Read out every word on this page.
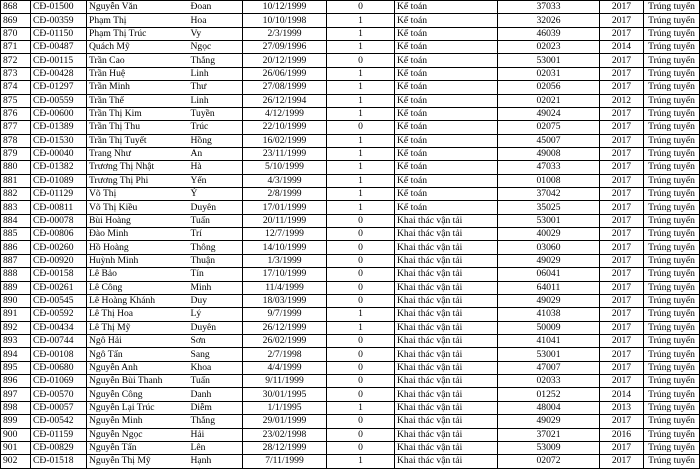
868	CĐ-01500	Nguyễn Văn	Đoan	10/12/1999	0	Kế toán	37033	2017	Trúng tuyển
869	CĐ-00359	Phạm Thị	Hoa	10/10/1998	1	Kế toán	32026	2017	Trúng tuyển
870	CĐ-01150	Phạm Thị Trúc	Vy	2/3/1999	1	Kế toán	46039	2017	Trúng tuyển
871	CĐ-00487	Quách Mỹ	Ngọc	27/09/1996	1	Kế toán	02023	2014	Trúng tuyển
872	CĐ-00115	Trần Cao	Thắng	20/12/1999	0	Kế toán	53001	2017	Trúng tuyển
873	CĐ-00428	Trần Huệ	Linh	26/06/1999	1	Kế toán	02031	2017	Trúng tuyển
874	CĐ-01297	Trần Minh	Thư	27/08/1999	1	Kế toán	02056	2017	Trúng tuyển
875	CĐ-00559	Trần Thế	Linh	26/12/1994	1	Kế toán	02021	2012	Trúng tuyển
876	CĐ-00600	Trần Thị Kim	Tuyền	4/12/1999	1	Kế toán	49024	2017	Trúng tuyển
877	CĐ-01389	Trần Thị Thu	Trúc	22/10/1999	0	Kế toán	02075	2017	Trúng tuyển
878	CĐ-01530	Trần Thị Tuyết	Hồng	16/02/1999	1	Kế toán	45007	2017	Trúng tuyển
879	CĐ-00040	Trang Như	An	23/11/1999	1	Kế toán	49008	2017	Trúng tuyển
880	CĐ-01382	Trương Thị Nhật	Hà	5/10/1999	1	Kế toán	47033	2017	Trúng tuyển
881	CĐ-01089	Trương Thị Phi	Yến	4/3/1999	1	Kế toán	01008	2017	Trúng tuyển
882	CĐ-01129	Võ Thị	Ý	2/8/1999	1	Kế toán	37042	2017	Trúng tuyển
883	CĐ-00811	Võ Thị Kiều	Duyên	17/01/1999	1	Kế toán	35025	2017	Trúng tuyển
884	CĐ-00078	Bùi Hoàng	Tuấn	20/11/1999	0	Khai thác vận tải	53001	2017	Trúng tuyển
885	CĐ-00806	Đào Minh	Trí	12/7/1999	0	Khai thác vận tải	40029	2017	Trúng tuyển
886	CĐ-00260	Hồ Hoàng	Thông	14/10/1999	0	Khai thác vận tải	03060	2017	Trúng tuyển
887	CĐ-00920	Huỳnh Minh	Thuận	1/3/1999	0	Khai thác vận tải	49029	2017	Trúng tuyển
888	CĐ-00158	Lê Bảo	Tín	17/10/1999	0	Khai thác vận tải	06041	2017	Trúng tuyển
889	CĐ-00261	Lê Công	Minh	11/4/1999	0	Khai thác vận tải	64011	2017	Trúng tuyển
890	CĐ-00545	Lê Hoàng Khánh	Duy	18/03/1999	0	Khai thác vận tải	49029	2017	Trúng tuyển
891	CĐ-00592	Lê Thị Hoa	Lý	9/7/1999	1	Khai thác vận tải	41038	2017	Trúng tuyển
892	CĐ-00434	Lê Thị Mỹ	Duyên	26/12/1999	1	Khai thác vận tải	50009	2017	Trúng tuyển
893	CĐ-00744	Ngô Hải	Sơn	26/02/1999	0	Khai thác vận tải	41041	2017	Trúng tuyển
894	CĐ-00108	Ngô Tấn	Sang	2/7/1998	0	Khai thác vận tải	53001	2017	Trúng tuyển
895	CĐ-00680	Nguyễn Anh	Khoa	4/4/1999	0	Khai thác vận tải	47007	2017	Trúng tuyển
896	CĐ-01069	Nguyễn Bùi Thanh	Tuấn	9/11/1999	0	Khai thác vận tải	02033	2017	Trúng tuyển
897	CĐ-00570	Nguyễn Công	Danh	30/01/1995	0	Khai thác vận tải	01252	2014	Trúng tuyển
898	CĐ-00057	Nguyễn Lại Trúc	Diễm	1/1/1995	1	Khai thác vận tải	48004	2013	Trúng tuyển
899	CĐ-00542	Nguyễn Minh	Thắng	29/01/1999	0	Khai thác vận tải	49029	2017	Trúng tuyển
900	CĐ-01159	Nguyễn Ngọc	Hải	23/02/1998	0	Khai thác vận tải	37021	2016	Trúng tuyển
901	CĐ-00829	Nguyễn Tấn	Lên	28/12/1999	0	Khai thác vận tải	53009	2017	Trúng tuyển
902	CĐ-01518	Nguyễn Thị Mỹ	Hạnh	7/11/1999	1	Khai thác vận tải	02072	2017	Trúng tuyển
